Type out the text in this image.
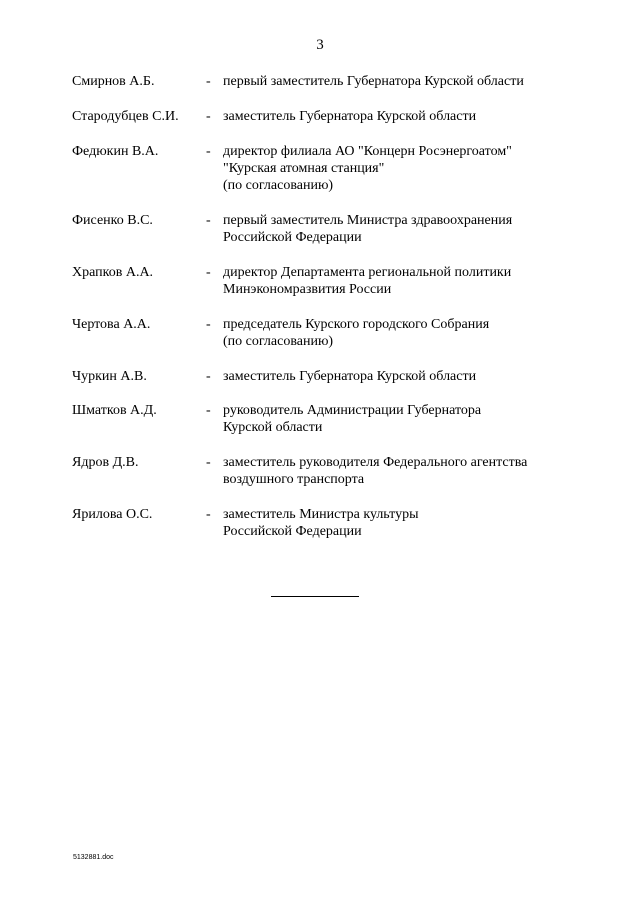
3
Смирнов А.Б.	- первый заместитель Губернатора Курской области
Стародубцев С.И. - заместитель Губернатора Курской области
Федюкин В.А.	- директор филиала АО "Концерн Росэнергоатом"
"Курская атомная станция"
(по согласованию)
Фисенко В.С.	- первый заместитель Министра здравоохранения
Российской Федерации
Храпков А.А.	- директор Департамента региональной политики
Минэкономразвития России
Чертова А.А.	- председатель Курского городского Собрания
(по согласованию)
Чуркин А.В.	- заместитель Губернатора Курской области
Шматков А.Д.	- руководитель Администрации Губернатора
Курской области
Ядров Д.В.	- заместитель руководителя Федерального агентства
воздушного транспорта
Ярилова О.С.	- заместитель Министра культуры
Российской Федерации
5132881.doc
